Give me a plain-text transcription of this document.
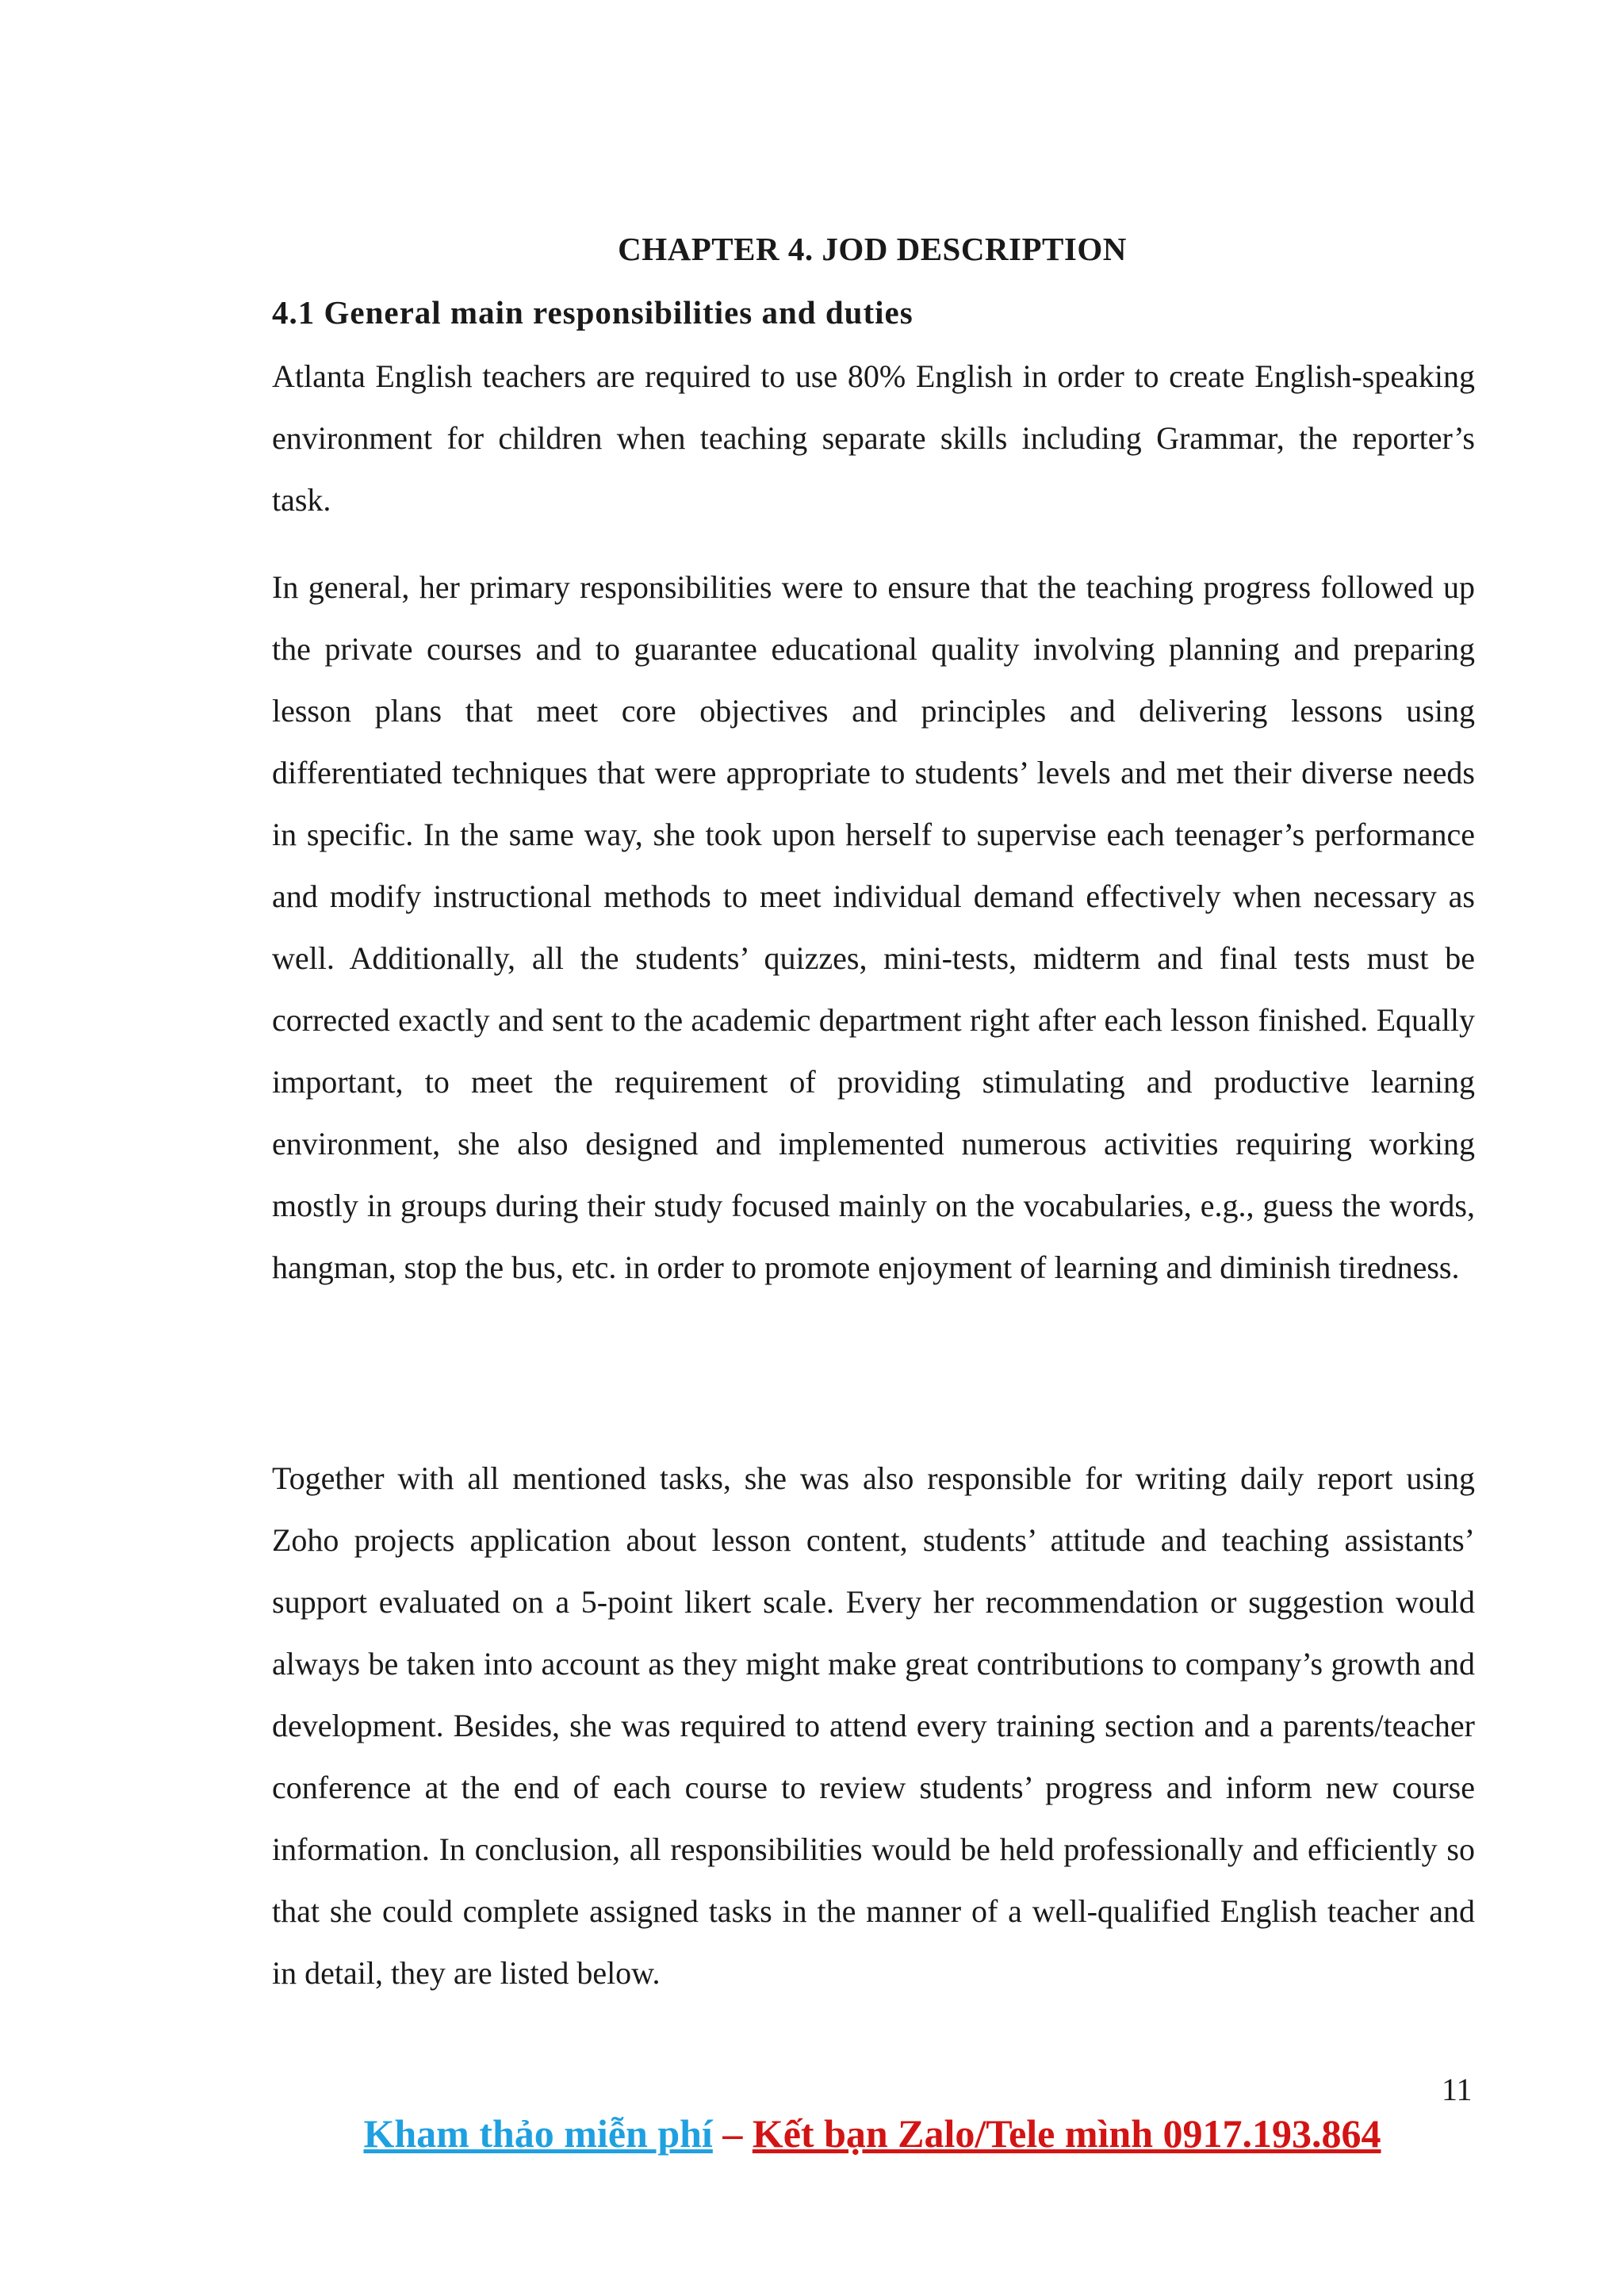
CHAPTER 4. JOD DESCRIPTION
4.1 General main responsibilities and duties

Atlanta English teachers are required to use 80% English in order to create English-speaking environment for children when teaching separate skills including Grammar, the reporter’s task.

In general, her primary responsibilities were to ensure that the teaching progress followed up the private courses and to guarantee educational quality involving planning and preparing lesson plans that meet core objectives and principles and delivering lessons using differentiated techniques that were appropriate to students’ levels and met their diverse needs in specific. In the same way, she took upon herself to supervise each teenager’s performance and modify instructional methods to meet individual demand effectively when necessary as well. Additionally, all the students’ quizzes, mini-tests, midterm and final tests must be corrected exactly and sent to the academic department right after each lesson finished. Equally important, to meet the requirement of providing stimulating and productive learning environment, she also designed and implemented numerous activities requiring working mostly in groups during their study focused mainly on the vocabularies, e.g., guess the words, hangman, stop the bus, etc. in order to promote enjoyment of learning and diminish tiredness.

Together with all mentioned tasks, she was also responsible for writing daily report using Zoho projects application about lesson content, students’ attitude and teaching assistants’ support evaluated on a 5-point likert scale. Every her recommendation or suggestion would always be taken into account as they might make great contributions to company’s growth and development. Besides, she was required to attend every training section and a parents/teacher conference at the end of each course to review students’ progress and inform new course information. In conclusion, all responsibilities would be held professionally and efficiently so that she could complete assigned tasks in the manner of a well-qualified English teacher and in detail, they are listed below.

11
Kham thảo miễn phí – Kết bạn Zalo/Tele mình 0917.193.864
